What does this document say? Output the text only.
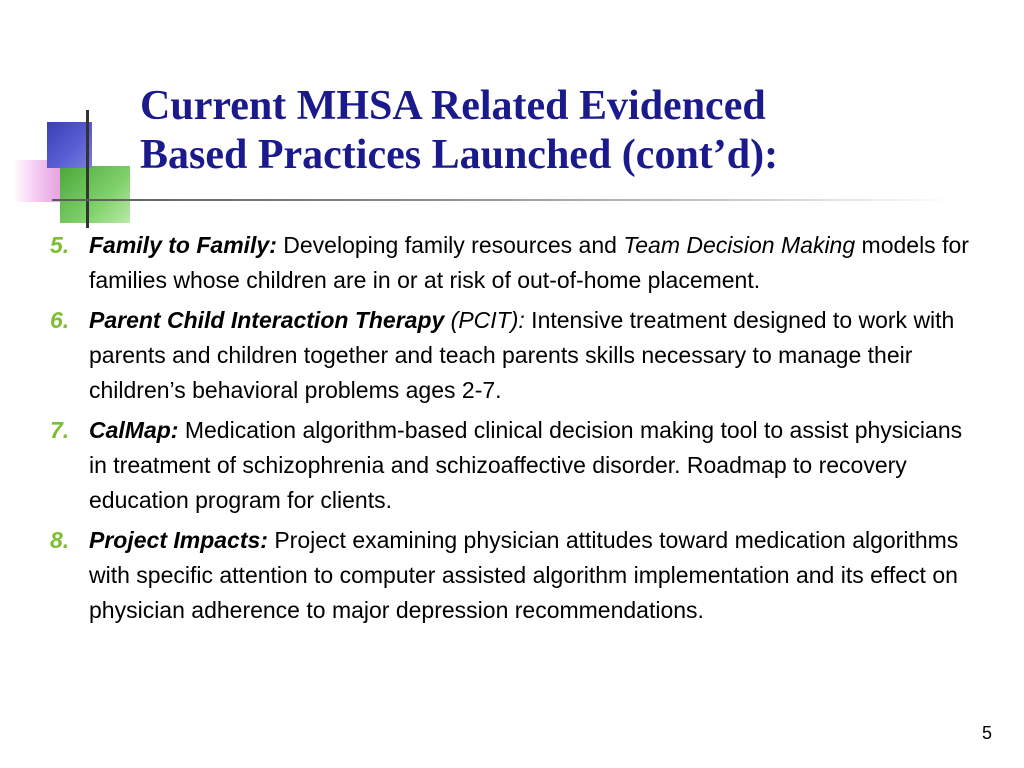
Current MHSA Related Evidenced
Based Practices Launched (cont’d):
5. Family to Family: Developing family resources and Team Decision Making models for families whose children are in or at risk of out-of-home placement.
6. Parent Child Interaction Therapy (PCIT): Intensive treatment designed to work with parents and children together and teach parents skills necessary to manage their children’s behavioral problems ages 2-7.
7. CalMap: Medication algorithm-based clinical decision making tool to assist physicians in treatment of schizophrenia and schizoaffective disorder. Roadmap to recovery education program for clients.
8. Project Impacts: Project examining physician attitudes toward medication algorithms with specific attention to computer assisted algorithm implementation and its effect on physician adherence to major depression recommendations.
5
